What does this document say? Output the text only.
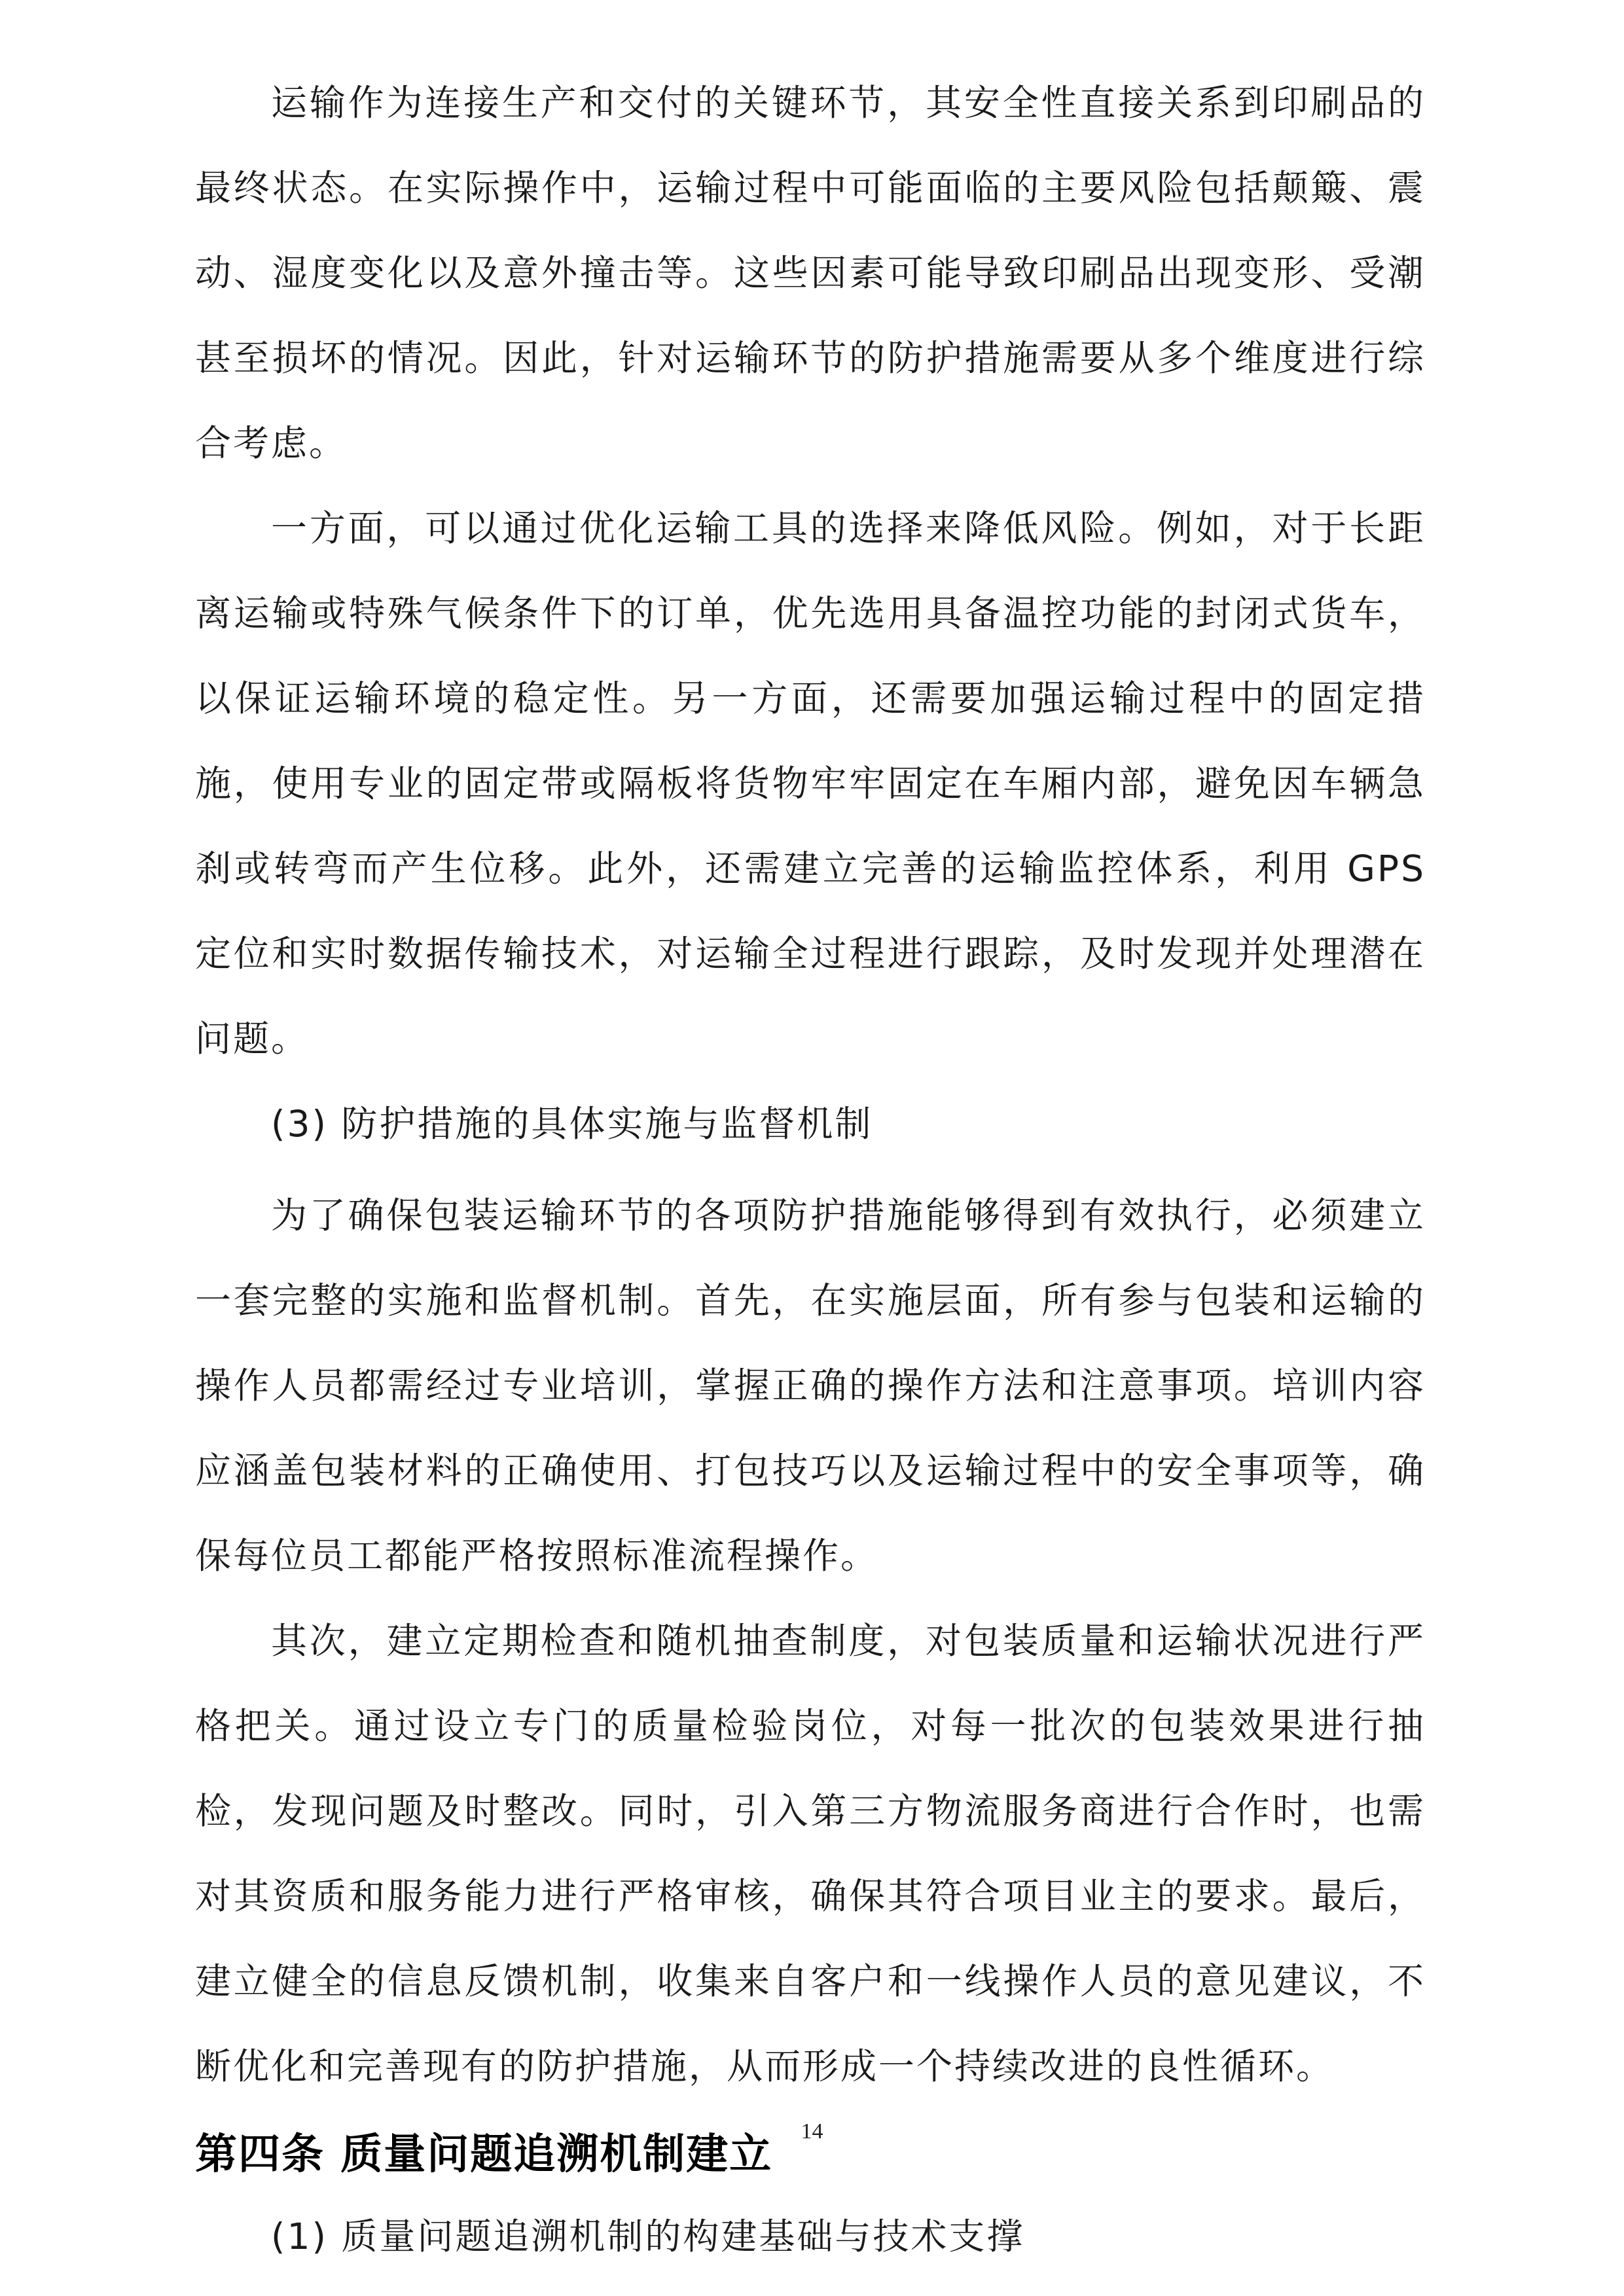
运输作为连接生产和交付的关键环节，其安全性直接关系到印刷品的最终状态。在实际操作中，运输过程中可能面临的主要风险包括颠簸、震动、湿度变化以及意外撞击等。这些因素可能导致印刷品出现变形、受潮甚至损坏的情况。因此，针对运输环节的防护措施需要从多个维度进行综合考虑。

一方面，可以通过优化运输工具的选择来降低风险。例如，对于长距离运输或特殊气候条件下的订单，优先选用具备温控功能的封闭式货车，以保证运输环境的稳定性。另一方面，还需要加强运输过程中的固定措施，使用专业的固定带或隔板将货物牢牢固定在车厢内部，避免因车辆急刹或转弯而产生位移。此外，还需建立完善的运输监控体系，利用 GPS 定位和实时数据传输技术，对运输全过程进行跟踪，及时发现并处理潜在问题。

(3) 防护措施的具体实施与监督机制

为了确保包装运输环节的各项防护措施能够得到有效执行，必须建立一套完整的实施和监督机制。首先，在实施层面，所有参与包装和运输的操作人员都需经过专业培训，掌握正确的操作方法和注意事项。培训内容应涵盖包装材料的正确使用、打包技巧以及运输过程中的安全事项等，确保每位员工都能严格按照标准流程操作。

其次，建立定期检查和随机抽查制度，对包装质量和运输状况进行严格把关。通过设立专门的质量检验岗位，对每一批次的包装效果进行抽检，发现问题及时整改。同时，引入第三方物流服务商进行合作时，也需对其资质和服务能力进行严格审核，确保其符合项目业主的要求。最后，建立健全的信息反馈机制，收集来自客户和一线操作人员的意见建议，不断优化和完善现有的防护措施，从而形成一个持续改进的良性循环。

第四条 质量问题追溯机制建立

(1) 质量问题追溯机制的构建基础与技术支撑

14
